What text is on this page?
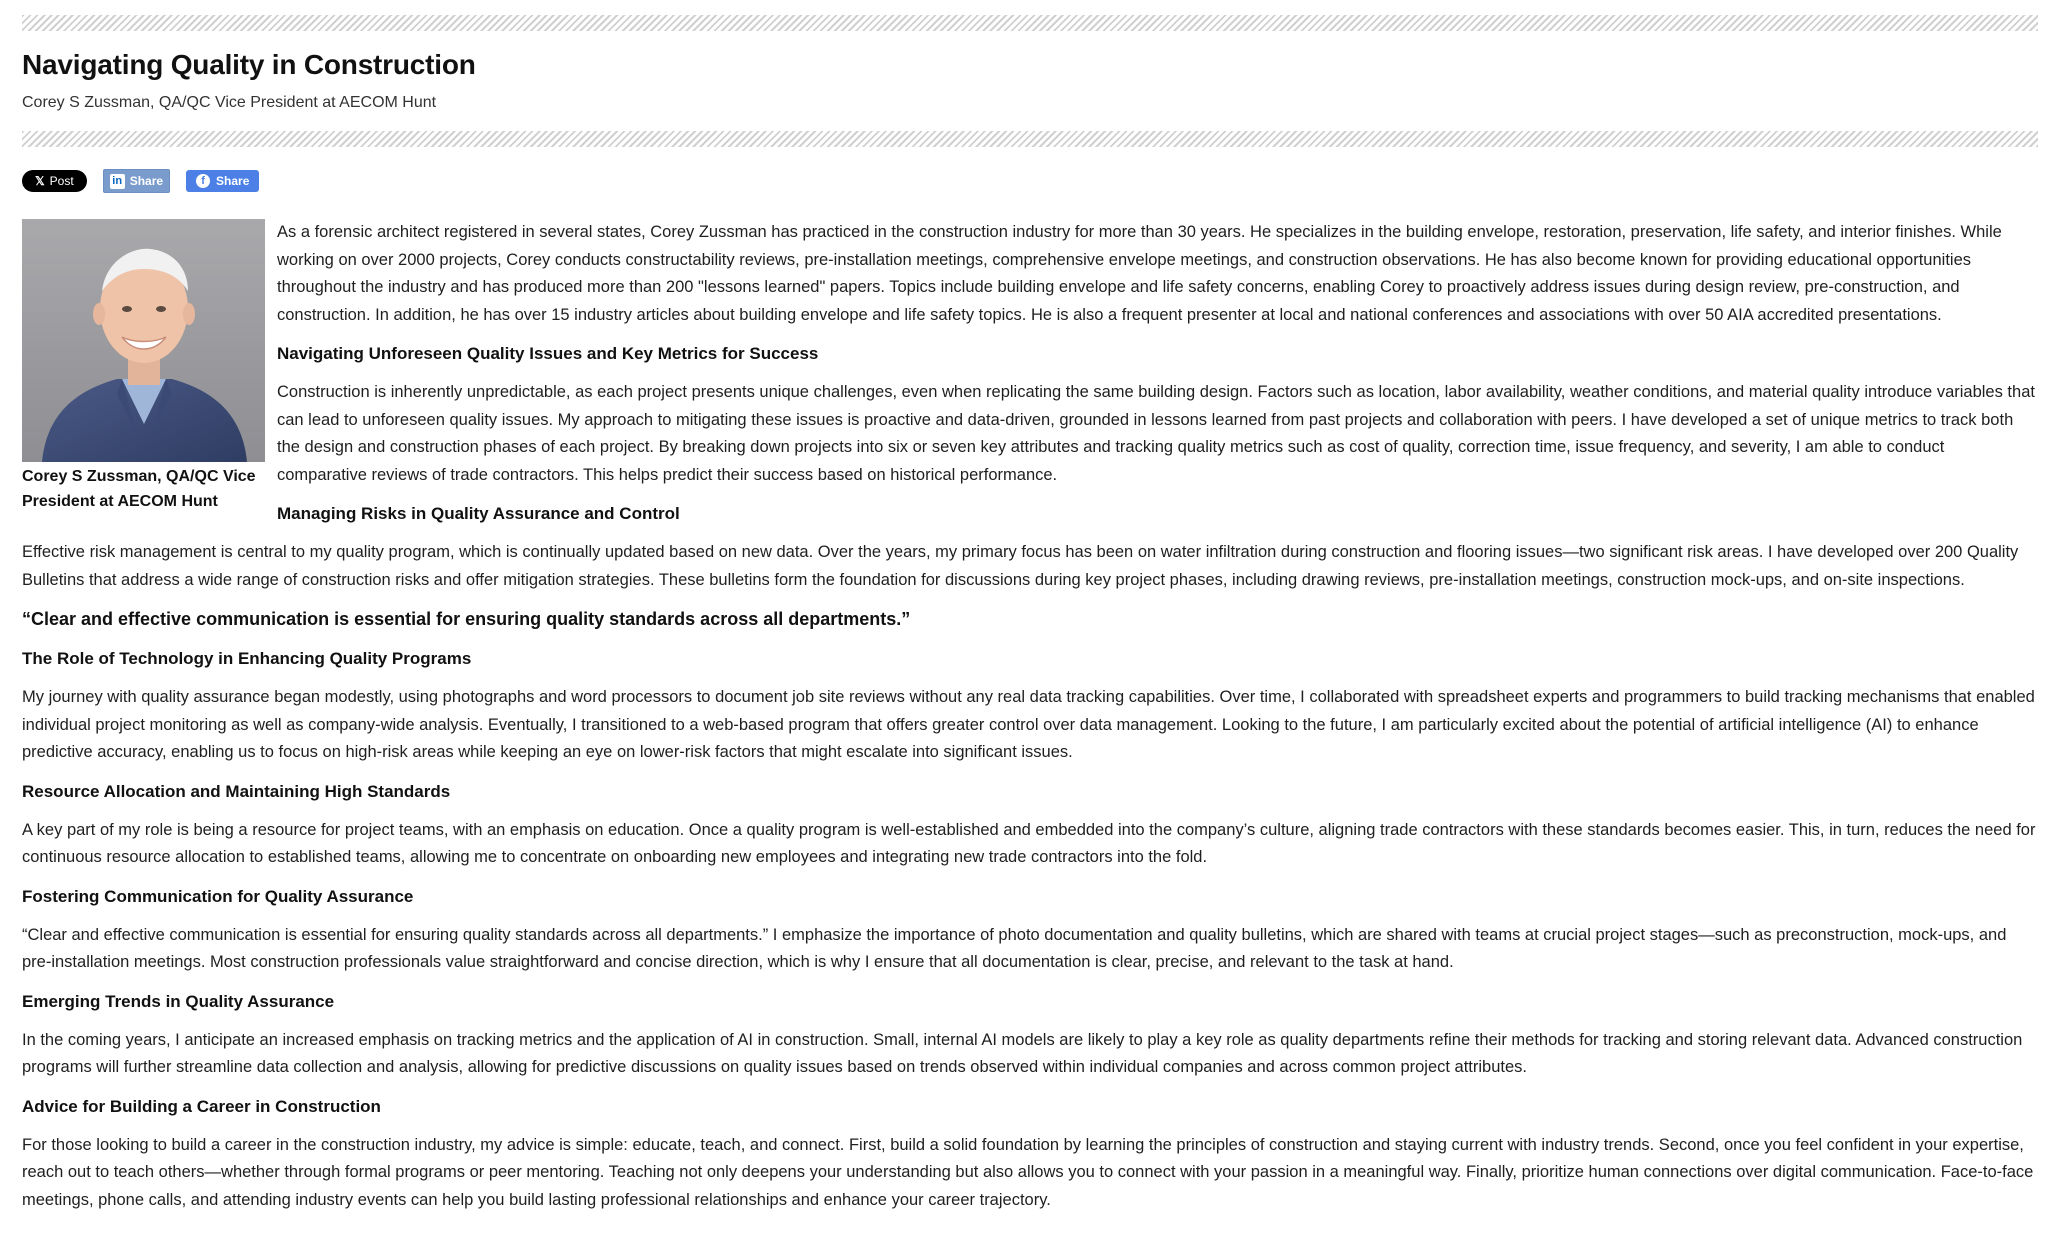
Navigating Quality in Construction
Corey S Zussman, QA/QC Vice President at AECOM Hunt
𝕏 Post	in Share	f Share
Corey S Zussman, QA/QC Vice President at AECOM Hunt

As a forensic architect registered in several states, Corey Zussman has practiced in the construction industry for more than 30 years. He specializes in the building envelope, restoration, preservation, life safety, and interior finishes. While working on over 2000 projects, Corey conducts constructability reviews, pre-installation meetings, comprehensive envelope meetings, and construction observations. He has also become known for providing educational opportunities throughout the industry and has produced more than 200 "lessons learned" papers. Topics include building envelope and life safety concerns, enabling Corey to proactively address issues during design review, pre-construction, and construction. In addition, he has over 15 industry articles about building envelope and life safety topics. He is also a frequent presenter at local and national conferences and associations with over 50 AIA accredited presentations.

Navigating Unforeseen Quality Issues and Key Metrics for Success

Construction is inherently unpredictable, as each project presents unique challenges, even when replicating the same building design. Factors such as location, labor availability, weather conditions, and material quality introduce variables that can lead to unforeseen quality issues. My approach to mitigating these issues is proactive and data-driven, grounded in lessons learned from past projects and collaboration with peers. I have developed a set of unique metrics to track both the design and construction phases of each project. By breaking down projects into six or seven key attributes and tracking quality metrics such as cost of quality, correction time, issue frequency, and severity, I am able to conduct comparative reviews of trade contractors. This helps predict their success based on historical performance.

Managing Risks in Quality Assurance and Control

Effective risk management is central to my quality program, which is continually updated based on new data. Over the years, my primary focus has been on water infiltration during construction and flooring issues—two significant risk areas. I have developed over 200 Quality Bulletins that address a wide range of construction risks and offer mitigation strategies. These bulletins form the foundation for discussions during key project phases, including drawing reviews, pre-installation meetings, construction mock-ups, and on-site inspections.

“Clear and effective communication is essential for ensuring quality standards across all departments.”
The Role of Technology in Enhancing Quality Programs

My journey with quality assurance began modestly, using photographs and word processors to document job site reviews without any real data tracking capabilities. Over time, I collaborated with spreadsheet experts and programmers to build tracking mechanisms that enabled individual project monitoring as well as company-wide analysis. Eventually, I transitioned to a web-based program that offers greater control over data management. Looking to the future, I am particularly excited about the potential of artificial intelligence (AI) to enhance predictive accuracy, enabling us to focus on high-risk areas while keeping an eye on lower-risk factors that might escalate into significant issues.

Resource Allocation and Maintaining High Standards

A key part of my role is being a resource for project teams, with an emphasis on education. Once a quality program is well-established and embedded into the company’s culture, aligning trade contractors with these standards becomes easier. This, in turn, reduces the need for continuous resource allocation to established teams, allowing me to concentrate on onboarding new employees and integrating new trade contractors into the fold.

Fostering Communication for Quality Assurance

“Clear and effective communication is essential for ensuring quality standards across all departments.” I emphasize the importance of photo documentation and quality bulletins, which are shared with teams at crucial project stages—such as preconstruction, mock-ups, and pre-installation meetings. Most construction professionals value straightforward and concise direction, which is why I ensure that all documentation is clear, precise, and relevant to the task at hand.

Emerging Trends in Quality Assurance

In the coming years, I anticipate an increased emphasis on tracking metrics and the application of AI in construction. Small, internal AI models are likely to play a key role as quality departments refine their methods for tracking and storing relevant data. Advanced construction programs will further streamline data collection and analysis, allowing for predictive discussions on quality issues based on trends observed within individual companies and across common project attributes.

Advice for Building a Career in Construction

For those looking to build a career in the construction industry, my advice is simple: educate, teach, and connect. First, build a solid foundation by learning the principles of construction and staying current with industry trends. Second, once you feel confident in your expertise, reach out to teach others—whether through formal programs or peer mentoring. Teaching not only deepens your understanding but also allows you to connect with your passion in a meaningful way. Finally, prioritize human connections over digital communication. Face-to-face meetings, phone calls, and attending industry events can help you build lasting professional relationships and enhance your career trajectory.
